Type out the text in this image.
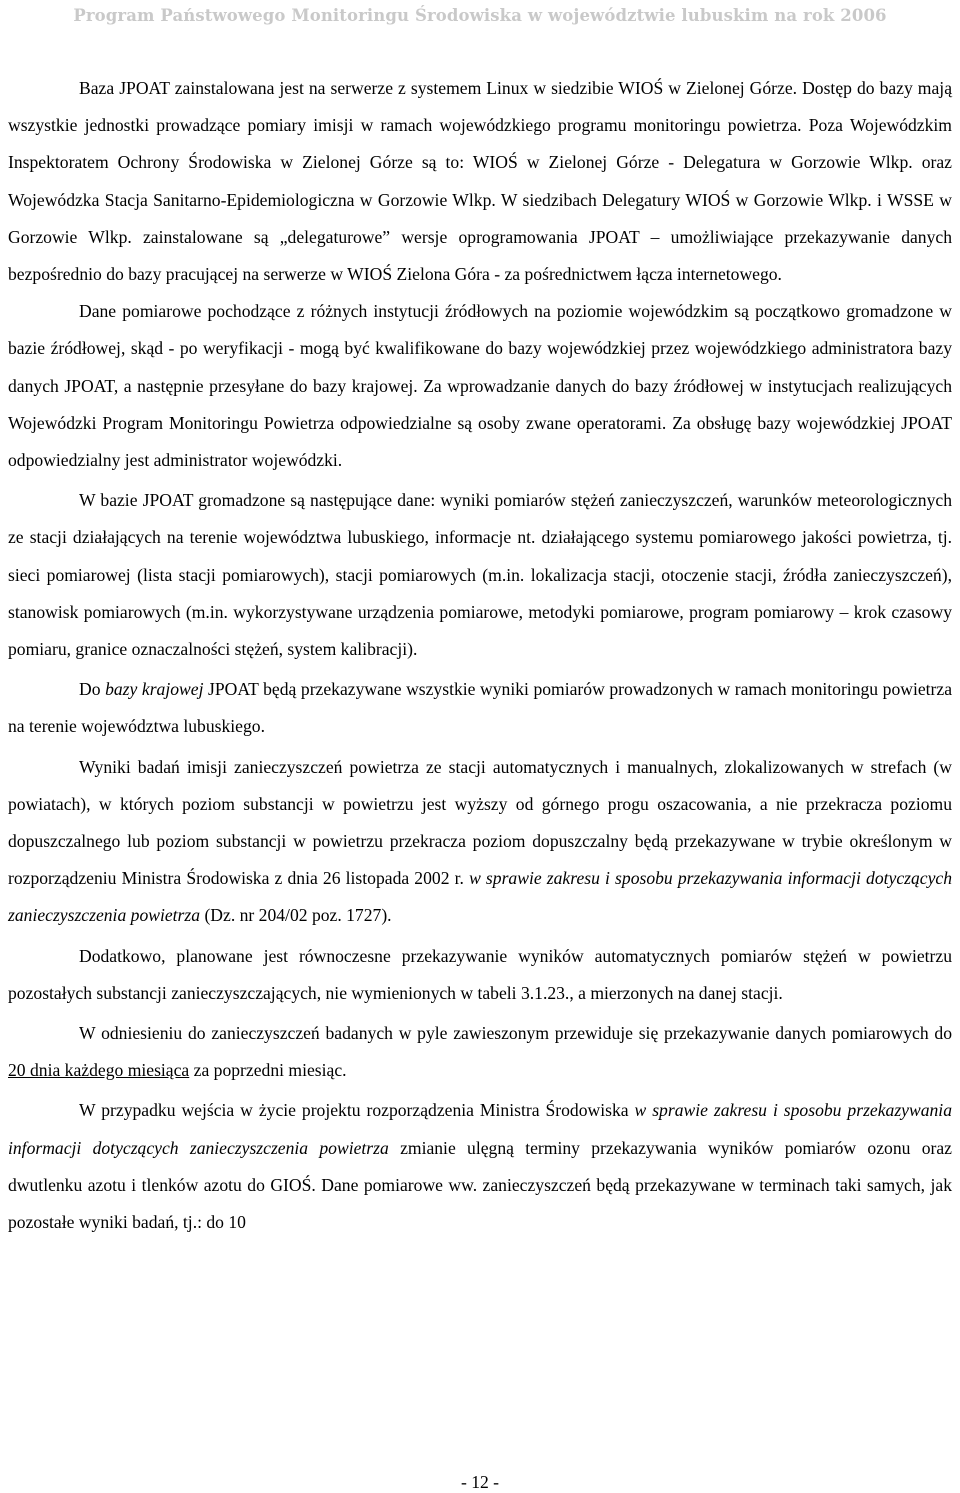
Program Państwowego Monitoringu Środowiska w województwie lubuskim na rok 2006

Baza JPOAT zainstalowana jest na serwerze z systemem Linux w siedzibie WIOŚ w Zielonej Górze. Dostęp do bazy mają wszystkie jednostki prowadzące pomiary imisji w ramach wojewódzkiego programu monitoringu powietrza. Poza Wojewódzkim Inspektoratem Ochrony Środowiska w Zielonej Górze są to: WIOŚ w Zielonej Górze - Delegatura w Gorzowie Wlkp. oraz Wojewódzka Stacja Sanitarno-Epidemiologiczna w Gorzowie Wlkp. W siedzibach Delegatury WIOŚ w Gorzowie Wlkp. i WSSE w Gorzowie Wlkp. zainstalowane są „delegaturowe” wersje oprogramowania JPOAT – umożliwiające przekazywanie danych bezpośrednio do bazy pracującej na serwerze w WIOŚ Zielona Góra - za pośrednictwem łącza internetowego.

Dane pomiarowe pochodzące z różnych instytucji źródłowych na poziomie wojewódzkim są początkowo gromadzone w bazie źródłowej, skąd - po weryfikacji - mogą być kwalifikowane do bazy wojewódzkiej przez wojewódzkiego administratora bazy danych JPOAT, a następnie przesyłane do bazy krajowej. Za wprowadzanie danych do bazy źródłowej w instytucjach realizujących Wojewódzki Program Monitoringu Powietrza odpowiedzialne są osoby zwane operatorami. Za obsługę bazy wojewódzkiej JPOAT odpowiedzialny jest administrator wojewódzki.

W bazie JPOAT gromadzone są następujące dane: wyniki pomiarów stężeń zanieczyszczeń, warunków meteorologicznych ze stacji działających na terenie województwa lubuskiego, informacje nt. działającego systemu pomiarowego jakości powietrza, tj. sieci pomiarowej (lista stacji pomiarowych), stacji pomiarowych (m.in. lokalizacja stacji, otoczenie stacji, źródła zanieczyszczeń), stanowisk pomiarowych (m.in. wykorzystywane urządzenia pomiarowe, metodyki pomiarowe, program pomiarowy – krok czasowy pomiaru, granice oznaczalności stężeń, system kalibracji).

Do bazy krajowej JPOAT będą przekazywane wszystkie wyniki pomiarów prowadzonych w ramach monitoringu powietrza na terenie województwa lubuskiego.

Wyniki badań imisji zanieczyszczeń powietrza ze stacji automatycznych i manualnych, zlokalizowanych w strefach (w powiatach), w których poziom substancji w powietrzu jest wyższy od górnego progu oszacowania, a nie przekracza poziomu dopuszczalnego lub poziom substancji w powietrzu przekracza poziom dopuszczalny będą przekazywane w trybie określonym w rozporządzeniu Ministra Środowiska z dnia 26 listopada 2002 r. w sprawie zakresu i sposobu przekazywania informacji dotyczących zanieczyszczenia powietrza (Dz. nr 204/02 poz. 1727).

Dodatkowo, planowane jest równoczesne przekazywanie wyników automatycznych pomiarów stężeń w powietrzu pozostałych substancji zanieczyszczających, nie wymienionych w tabeli 3.1.23., a mierzonych na danej stacji.

W odniesieniu do zanieczyszczeń badanych w pyle zawieszonym przewiduje się przekazywanie danych pomiarowych do 20 dnia każdego miesiąca za poprzedni miesiąc.

W przypadku wejścia w życie projektu rozporządzenia Ministra Środowiska w sprawie zakresu i sposobu przekazywania informacji dotyczących zanieczyszczenia powietrza zmianie ulęgną terminy przekazywania wyników pomiarów ozonu oraz dwutlenku azotu i tlenków azotu do GIOŚ. Dane pomiarowe ww. zanieczyszczeń będą przekazywane w terminach taki samych, jak pozostałe wyniki badań, tj.: do 10

- 12 -
